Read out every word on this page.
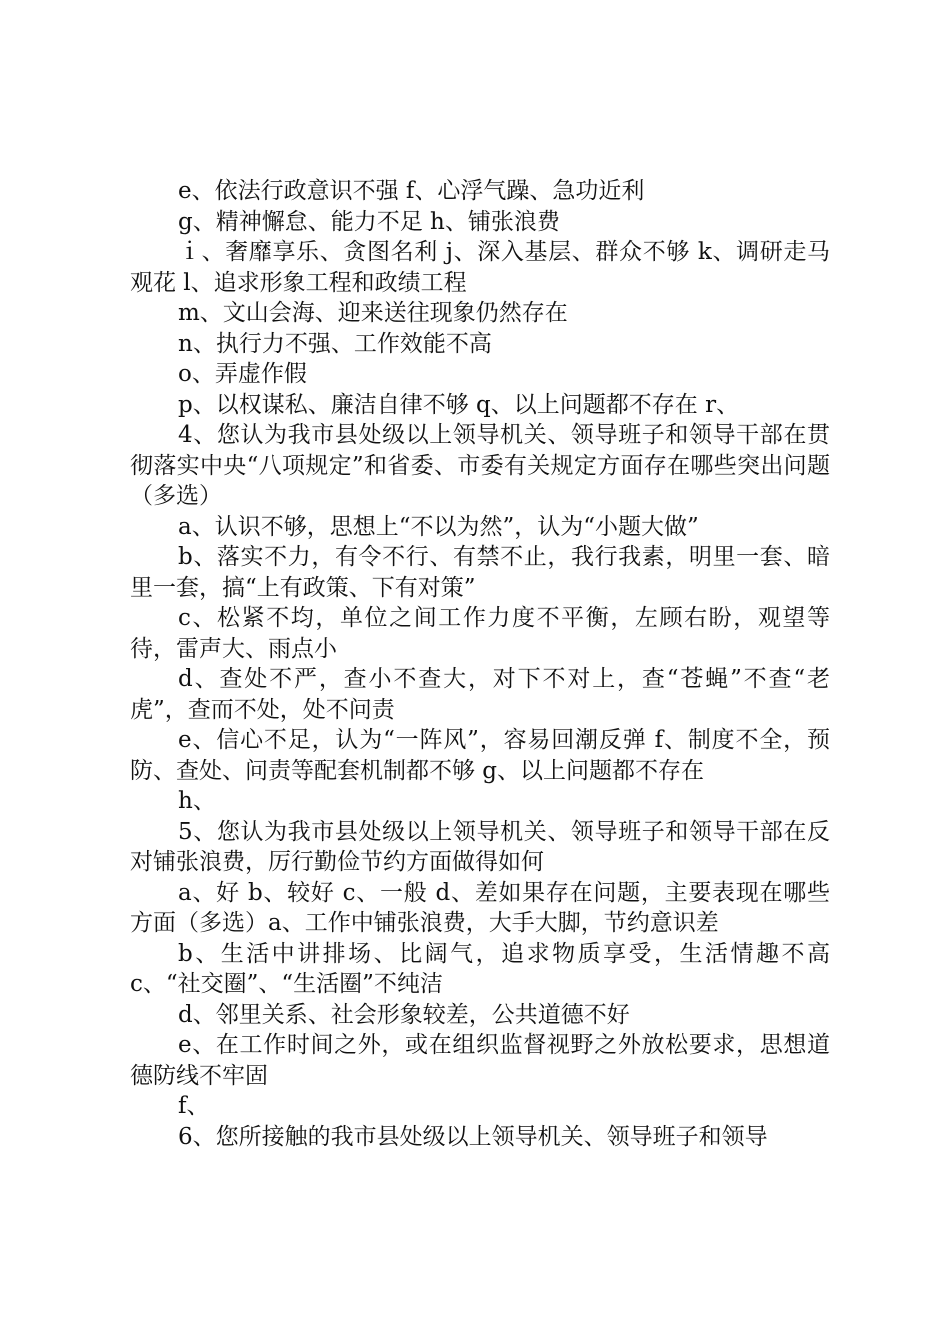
e、依法行政意识不强 f、心浮气躁、急功近利

g、精神懈怠、能力不足 h、铺张浪费

ｉ、奢靡享乐、贪图名利 j、深入基层、群众不够 k、调研走马观花 l、追求形象工程和政绩工程

m、文山会海、迎来送往现象仍然存在

n、执行力不强、工作效能不高

o、弄虚作假

p、以权谋私、廉洁自律不够 q、以上问题都不存在 r、

4、您认为我市县处级以上领导机关、领导班子和领导干部在贯彻落实中央“八项规定”和省委、市委有关规定方面存在哪些突出问题（多选）

a、认识不够，思想上“不以为然”，认为“小题大做”

b、落实不力，有令不行、有禁不止，我行我素，明里一套、暗里一套，搞“上有政策、下有对策”

c、松紧不均，单位之间工作力度不平衡，左顾右盼，观望等待，雷声大、雨点小

d、查处不严，查小不查大，对下不对上，查“苍蝇”不查“老虎”，查而不处，处不问责

e、信心不足，认为“一阵风”，容易回潮反弹 f、制度不全，预防、查处、问责等配套机制都不够 g、以上问题都不存在

h、

5、您认为我市县处级以上领导机关、领导班子和领导干部在反对铺张浪费，厉行勤俭节约方面做得如何

a、好 b、较好 c、一般 d、差如果存在问题，主要表现在哪些方面（多选）a、工作中铺张浪费，大手大脚，节约意识差

b、生活中讲排场、比阔气，追求物质享受，生活情趣不高 c、“社交圈”、“生活圈”不纯洁

d、邻里关系、社会形象较差，公共道德不好

e、在工作时间之外，或在组织监督视野之外放松要求，思想道德防线不牢固

f、

6、您所接触的我市县处级以上领导机关、领导班子和领导
